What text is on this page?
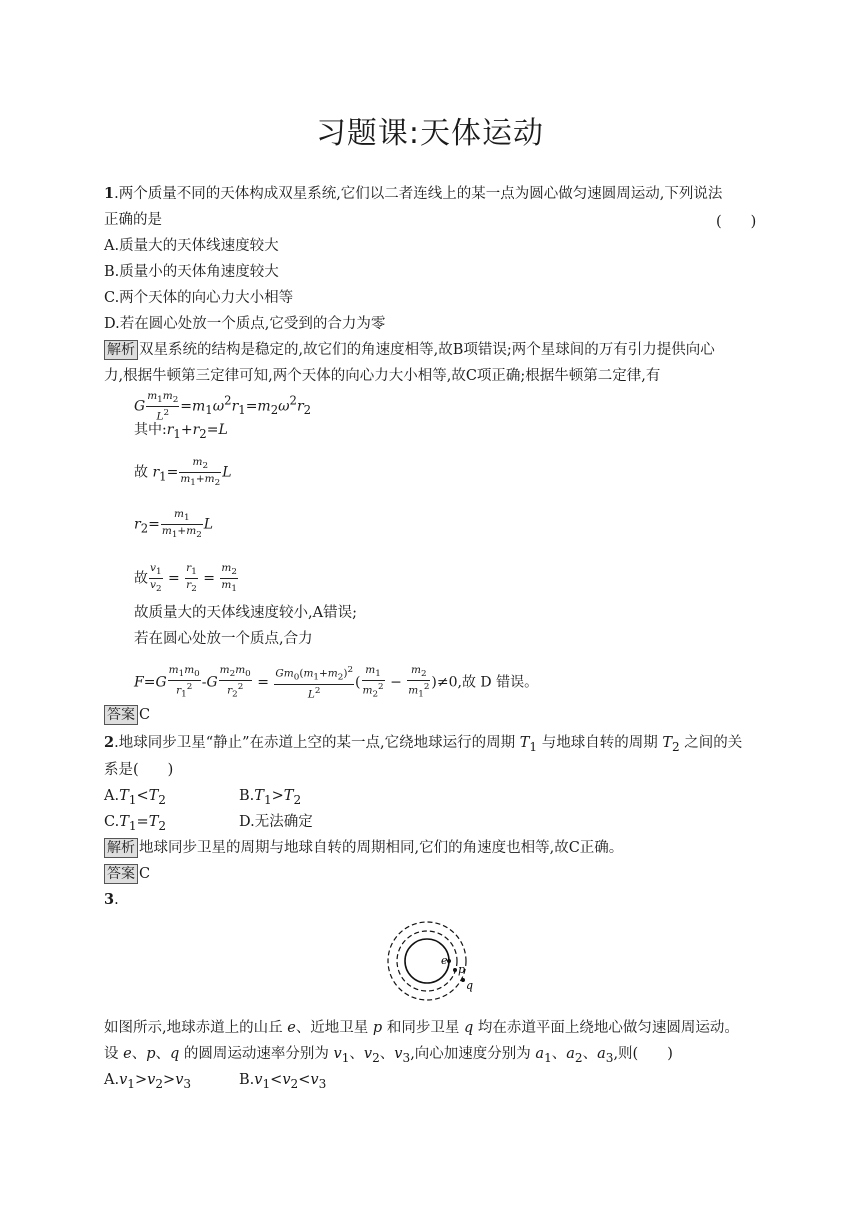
习题课:天体运动
1.两个质量不同的天体构成双星系统,它们以二者连线上的某一点为圆心做匀速圆周运动,下列说法
正确的是	(　　)
A.质量大的天体线速度较大
B.质量小的天体角速度较大
C.两个天体的向心力大小相等
D.若在圆心处放一个质点,它受到的合力为零
解析 双星系统的结构是稳定的,故它们的角速度相等,故B项错误;两个星球间的万有引力提供向心
力,根据牛顿第三定律可知,两个天体的向心力大小相等,故C项正确;根据牛顿第二定律,有
G $\frac{m_1m_2}{L^2} =m_1\omega^2r_1=m_2\omega^2r_2$
其中$:r_1+r_2=L$
故 $r_1= \frac{m_2}{m_1+m_2}$ L
$r_2= \frac{m_1}{m_1+m_2}$ L
故 $\frac{v_1}{v_2} = \frac{r_1}{r_2} = \frac{m_2}{m_1}$
故质量大的天体线速度较小,A错误;
若在圆心处放一个质点,合力
$F=G \frac{m_1m_0}{r_1^2} -G \frac{m_2m_0}{r_2^2} = \frac{Gm_0(m_1+m_2)^2}{L^2}$ ( $\frac{m_1}{m_2^2} - \frac{m_2}{m_1^2} )\ne 0$,故 D 错误。
答案 C
2.地球同步卫星“静止”在赤道上空的某一点,它绕地球运行的周期 $T_1$ 与地球自转的周期 $T_2$ 之间的关
系是(　　)
$A.T_1<T_2$	$B.T_1>T_2$
$C.T_1=T_2$	D.无法确定
解析 地球同步卫星的周期与地球自转的周期相同,它们的角速度也相等,故C正确。
答案 C
3.
e
p
q
如图所示,地球赤道上的山丘 e、近地卫星 p 和同步卫星 q 均在赤道平面上绕地心做匀速圆周运动。
设 e、p、q 的圆周运动速率分别为 $v_1$、$v_2$、$v_3$,向心加速度分别为 $a_1$、$a_2$、$a_3$,则(　　)
$A.v_1>v_2>v_3$	$B.v_1<v_2<v_3$
